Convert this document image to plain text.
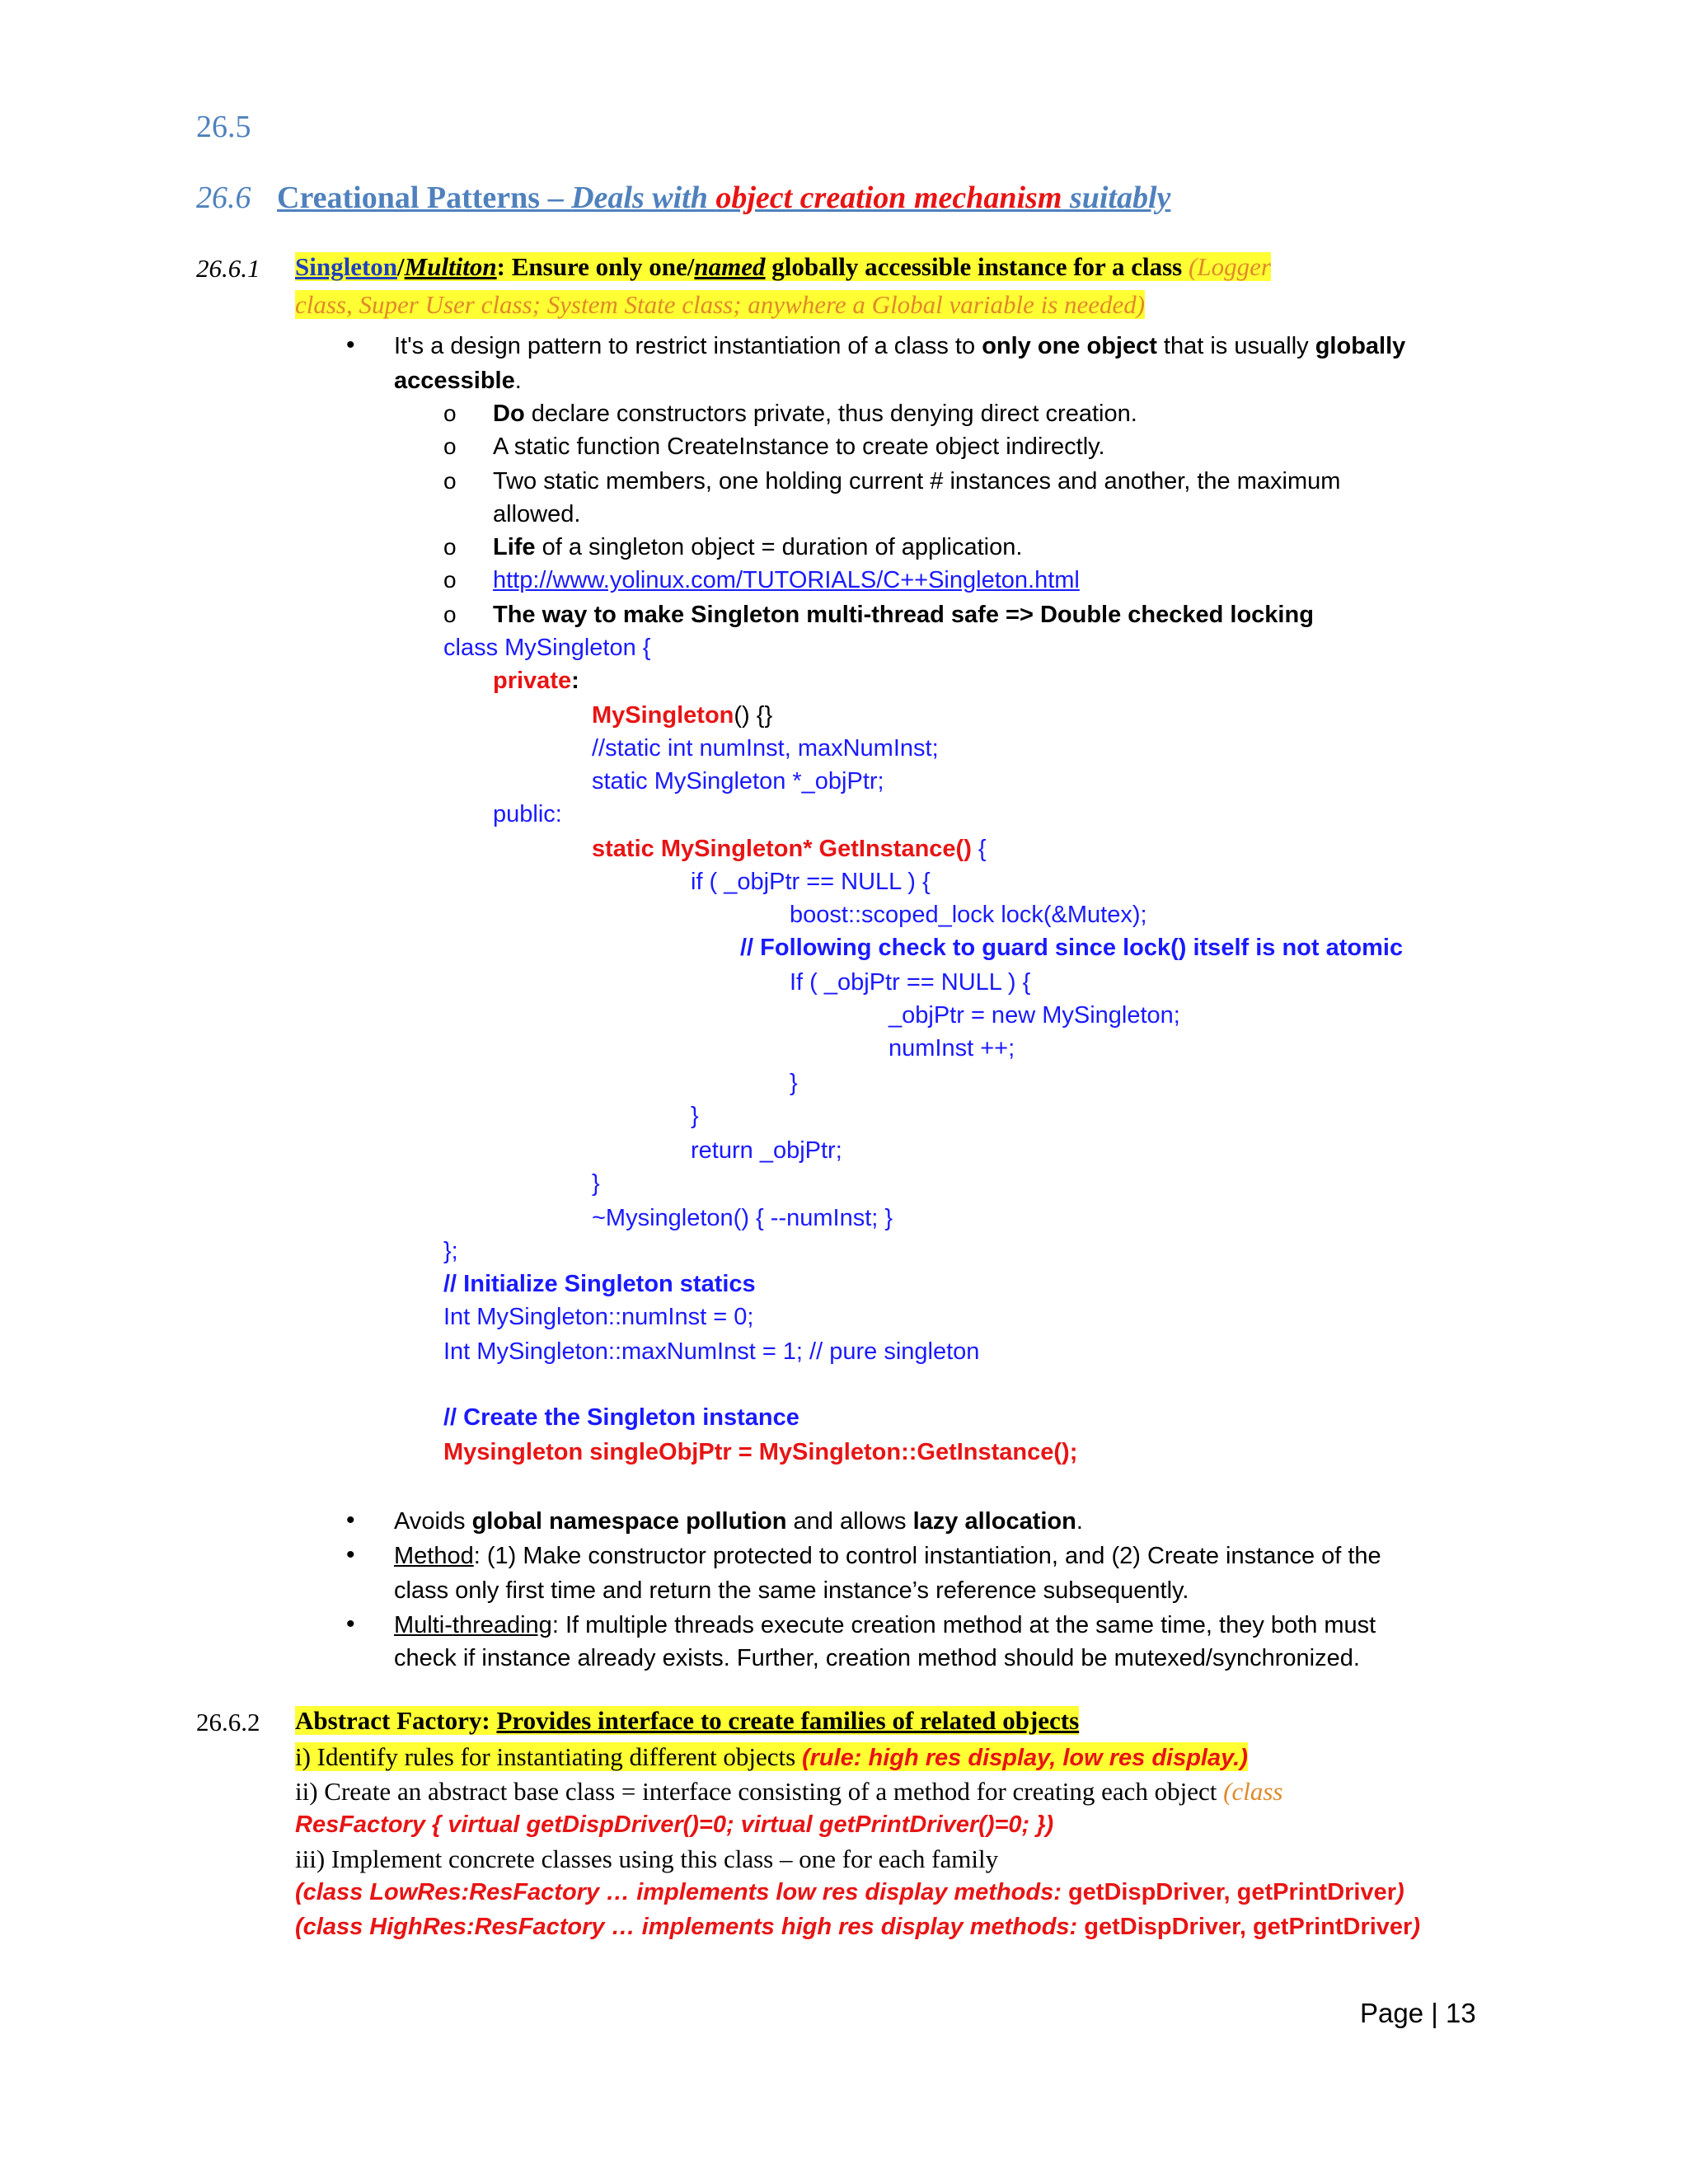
26.5
26.6 Creational Patterns – Deals with object creation mechanism suitably
26.6.1 Singleton/Multiton: Ensure only one/named globally accessible instance for a class (Logger
class, Super User class; System State class; anywhere a Global variable is needed)
• It's a design pattern to restrict instantiation of a class to only one object that is usually globally
accessible.
o Do declare constructors private, thus denying direct creation.
o A static function CreateInstance to create object indirectly.
o Two static members, one holding current # instances and another, the maximum
allowed.
o Life of a singleton object = duration of application.
o http://www.yolinux.com/TUTORIALS/C++Singleton.html
o The way to make Singleton multi-thread safe => Double checked locking
class MySingleton {
private:
MySingleton() {}
//static int numInst, maxNumInst;
static MySingleton *_objPtr;
public:
static MySingleton* GetInstance() {
if ( _objPtr == NULL ) {
boost::scoped_lock lock(&Mutex);
// Following check to guard since lock() itself is not atomic
If ( _objPtr == NULL ) {
_objPtr = new MySingleton;
numInst ++;
}
}
return _objPtr;
}
~Mysingleton() { --numInst; }
};
// Initialize Singleton statics
Int MySingleton::numInst = 0;
Int MySingleton::maxNumInst = 1; // pure singleton
// Create the Singleton instance
Mysingleton singleObjPtr = MySingleton::GetInstance();
• Avoids global namespace pollution and allows lazy allocation.
• Method: (1) Make constructor protected to control instantiation, and (2) Create instance of the
class only first time and return the same instance’s reference subsequently.
• Multi-threading: If multiple threads execute creation method at the same time, they both must
check if instance already exists. Further, creation method should be mutexed/synchronized.
26.6.2 Abstract Factory: Provides interface to create families of related objects
i) Identify rules for instantiating different objects (rule: high res display, low res display.)
ii) Create an abstract base class = interface consisting of a method for creating each object (class
ResFactory { virtual getDispDriver()=0; virtual getPrintDriver()=0; })
iii) Implement concrete classes using this class – one for each family
(class LowRes:ResFactory … implements low res display methods: getDispDriver, getPrintDriver)
(class HighRes:ResFactory … implements high res display methods: getDispDriver, getPrintDriver)
Page | 13
